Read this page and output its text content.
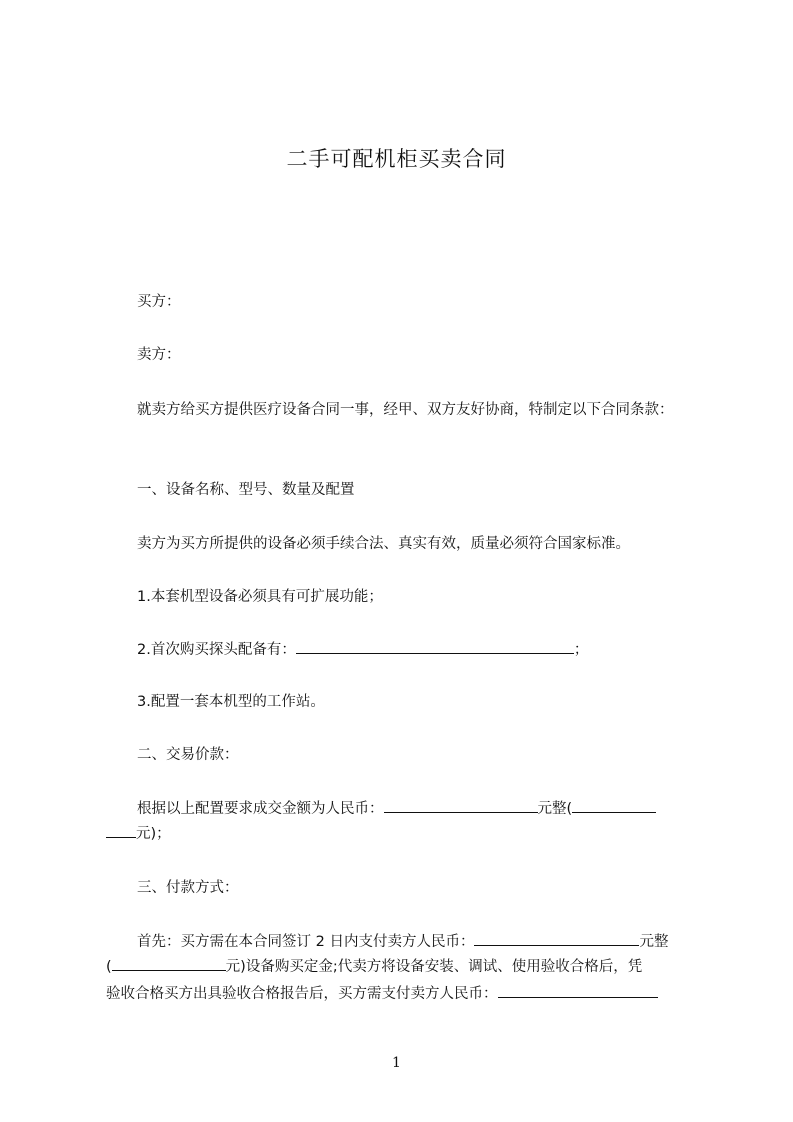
二手可配机柜买卖合同

买方：

卖方：

就卖方给买方提供医疗设备合同一事，经甲、双方友好协商，特制定以下合同条款：

一、设备名称、型号、数量及配置

卖方为买方所提供的设备必须手续合法、真实有效，质量必须符合国家标准。

1.本套机型设备必须具有可扩展功能；

2.首次购买探头配备有：	；

3.配置一套本机型的工作站。

二、交易价款：

根据以上配置要求成交金额为人民币：	元整(

元)；

三、付款方式：

首先：买方需在本合同签订 2 日内支付卖方人民币：	元整

(	元)设备购买定金;代卖方将设备安装、调试、使用验收合格后，凭

验收合格买方出具验收合格报告后，买方需支付卖方人民币：

1
